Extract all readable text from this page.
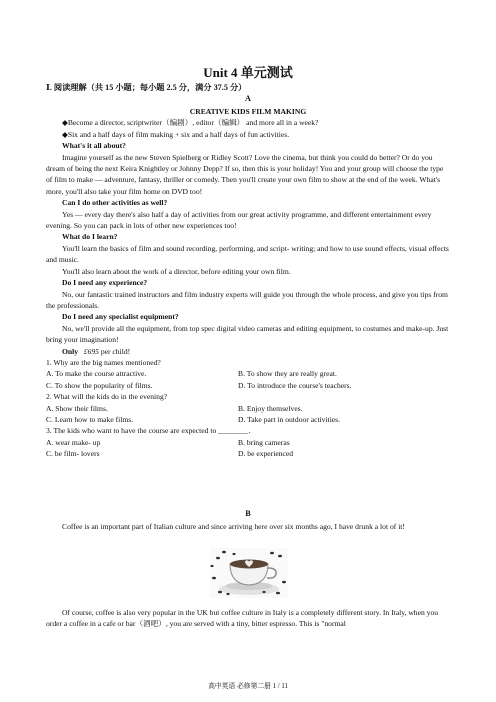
Unit 4 单元测试
Ⅰ. 阅读理解（共 15 小题；每小题 2.5 分，满分 37.5 分）
A

CREATIVE KIDS FILM MAKING

◆Become a director, scriptwriter（编剧）, editor（编辑） and more all in a week?

◆Six and a half days of film making + six and a half days of fun activities.

What's it all about?

Imagine yourself as the new Steven Spielberg or Ridley Scott? Love the cinema, but think you could do better? Or do you dream of being the next Keira Knightley or Johnny Depp? If so, then this is your holiday! You and your group will choose the type of film to make — adventure, fantasy, thriller or comedy. Then you'll create your own film to show at the end of the week. What's more, you'll also take your film home on DVD too!

Can I do other activities as well?

Yes — every day there's also half a day of activities from our great activity programme, and different entertainment every evening. So you can pack in lots of other new experiences too!

What do I learn?

You'll learn the basics of film and sound recording, performing, and script- writing; and how to use sound effects, visual effects and music.

You'll also learn about the work of a director, before editing your own film.

Do I need any experience?

No, our fantastic trained instructors and film industry experts will guide you through the whole process, and give you tips from the professionals.

Do I need any specialist equipment?

No, we'll provide all the equipment, from top spec digital video cameras and editing equipment, to costumes and make-up. Just bring your imagination!

Only £695 per child!

1. Why are the big names mentioned?

A. To make the course attractive.	B. To show they are really great.
C. To show the popularity of films.	D. To introduce the course's teachers.

2. What will the kids do in the evening?

A. Show their films.	B. Enjoy themselves.
C. Learn how to make films.	D. Take part in outdoor activities.

3. The kids who want to have the course are expected to ________.

A. wear make- up	B. bring cameras
C. be film- lovers	D. be experienced
B

Coffee is an important part of Italian culture and since arriving here over six months ago, I have drunk a lot of it!

Of course, coffee is also very popular in the UK but coffee culture in Italy is a completely different story. In Italy, when you order a coffee in a cafe or bar（酒吧）, you are served with a tiny, bitter espresso. This is "normal

高中英语 必修第二册 1 / 11
